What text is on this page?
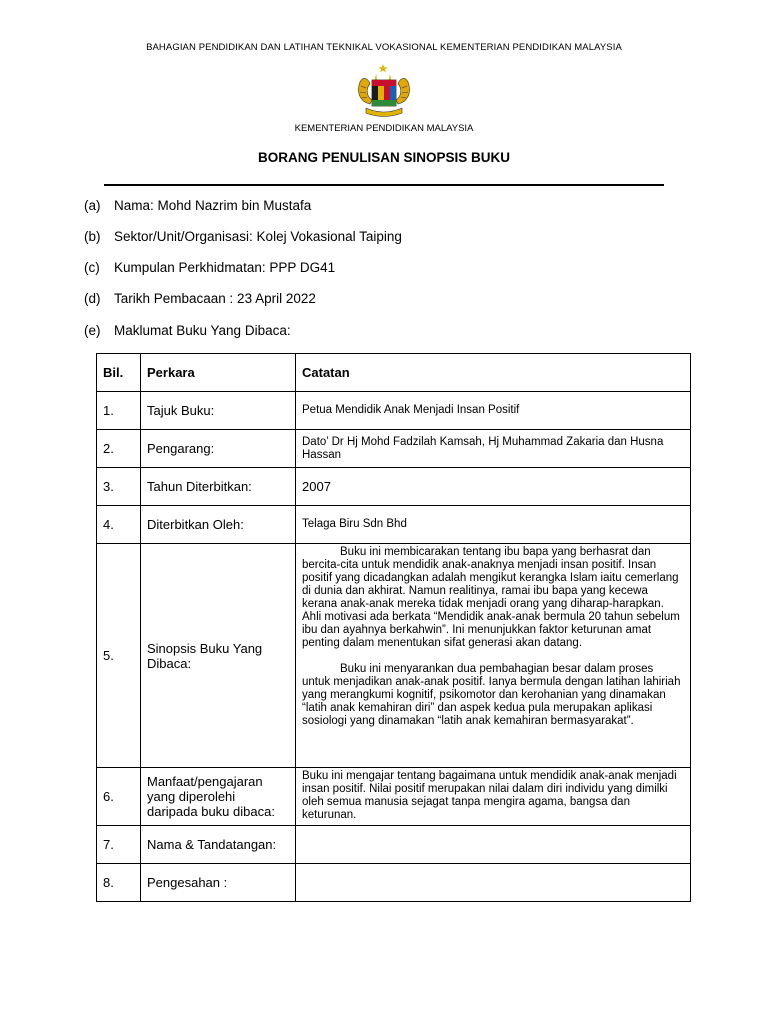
BAHAGIAN PENDIDIKAN DAN LATIHAN TEKNIKAL VOKASIONAL KEMENTERIAN PENDIDIKAN MALAYSIA
KEMENTERIAN PENDIDIKAN MALAYSIA
BORANG PENULISAN SINOPSIS BUKU
(a) Nama: Mohd Nazrim bin Mustafa
(b) Sektor/Unit/Organisasi: Kolej Vokasional Taiping
(c) Kumpulan Perkhidmatan: PPP DG41
(d) Tarikh Pembacaan : 23 April 2022
(e) Maklumat Buku Yang Dibaca:
Bil.	Perkara	Catatan
1.	Tajuk Buku:	Petua Mendidik Anak Menjadi Insan Positif
2.	Pengarang:	Dato’ Dr Hj Mohd Fadzilah Kamsah, Hj Muhammad Zakaria dan Husna Hassan
3.	Tahun Diterbitkan:	2007
4.	Diterbitkan Oleh:	Telaga Biru Sdn Bhd
5.	Sinopsis Buku Yang Dibaca:	Buku ini membicarakan tentang ibu bapa yang berhasrat dan bercita-cita untuk mendidik anak-anaknya menjadi insan positif. Insan positif yang dicadangkan adalah mengikut kerangka Islam iaitu cemerlang di dunia dan akhirat. Namun realitinya, ramai ibu bapa yang kecewa kerana anak-anak mereka tidak menjadi orang yang diharap-harapkan. Ahli motivasi ada berkata “Mendidik anak-anak bermula 20 tahun sebelum ibu dan ayahnya berkahwin”. Ini menunjukkan faktor keturunan amat penting dalam menentukan sifat generasi akan datang.

Buku ini menyarankan dua pembahagian besar dalam proses untuk menjadikan anak-anak positif. Ianya bermula dengan latihan lahiriah yang merangkumi kognitif, psikomotor dan kerohanian yang dinamakan “latih anak kemahiran diri” dan aspek kedua pula merupakan aplikasi sosiologi yang dinamakan “latih anak kemahiran bermasyarakat”.

6.	Manfaat/pengajaran yang diperolehi daripada buku dibaca:	Buku ini mengajar tentang bagaimana untuk mendidik anak-anak menjadi insan positif. Nilai positif merupakan nilai dalam diri individu yang dimilki oleh semua manusia sejagat tanpa mengira agama, bangsa dan keturunan.
7.	Nama & Tandatangan:	
8.	Pengesahan :	
